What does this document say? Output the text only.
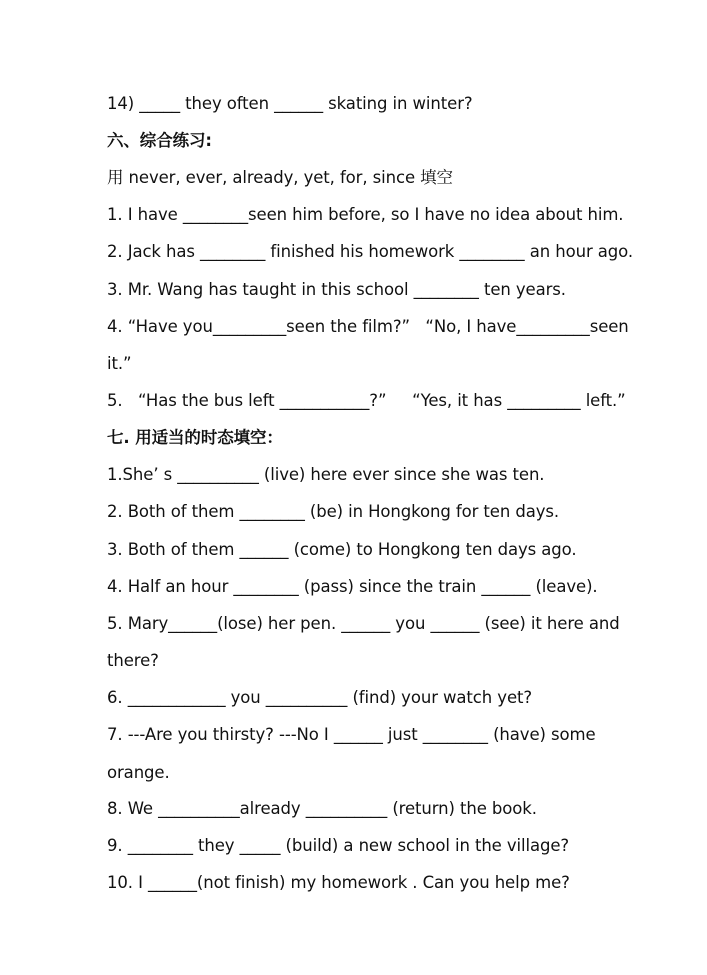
14) _____ they often ______ skating in winter?
六、综合练习:
用 never, ever, already, yet, for, since 填空
1. I have ________seen him before, so I have no idea about him.
2. Jack has ________ finished his homework ________ an hour ago.
3. Mr. Wang has taught in this school ________ ten years.
4. “Have you_________seen the film?”   “No, I have_________seen
it.”
5.   “Has the bus left ___________?”     “Yes, it has _________ left.”
七. 用适当的时态填空：
1.She’ s __________ (live) here ever since she was ten.
2. Both of them ________ (be) in Hongkong for ten days.
3. Both of them ______ (come) to Hongkong ten days ago.
4. Half an hour ________ (pass) since the train ______ (leave).
5. Mary______(lose) her pen. ______ you ______ (see) it here and
there?
6. ____________ you __________ (find) your watch yet?
7. ---Are you thirsty? ---No I ______ just ________ (have) some
orange.
8. We __________already __________ (return) the book.
9. ________ they _____ (build) a new school in the village?
10. I ______(not finish) my homework . Can you help me?
